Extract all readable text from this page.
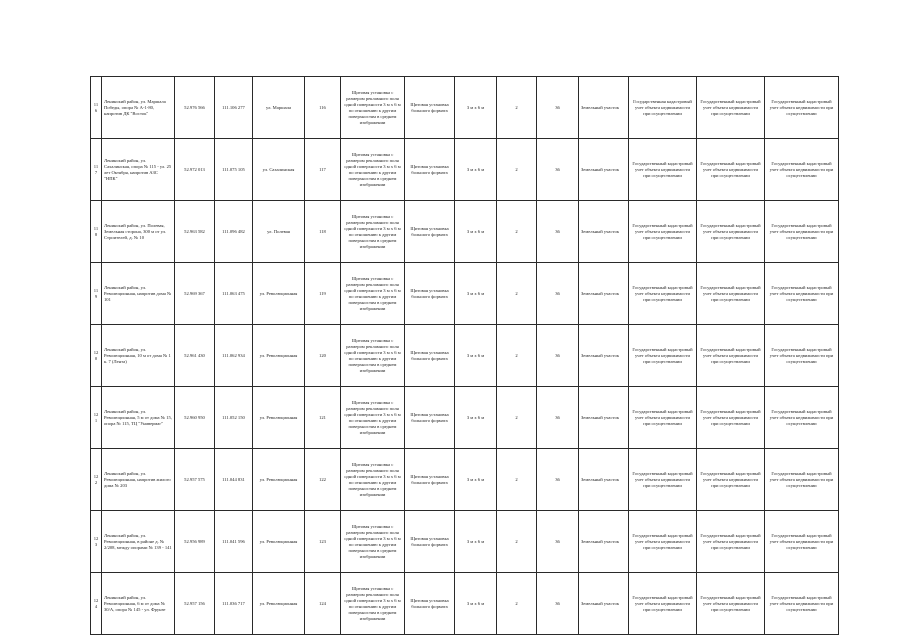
116	Ленинский район, ул. Маршала Победы, опора № А-1-80, напротив ДК "Восток"	52.976 566	111.106 277	ул. Маршала	116	Щитовая установка с размером рекламного поля одной поверхности 3 м х 6 м по отношению к другим поверхностям в среднем изображении	Щитовая установка большого формата	3 м х 6 м	2	36	Земельный участок	Государственная кадастровый учет объекта недвижимости при осуществлении	Государственный кадастровый учет объекта недвижимости при осуществлении	Государственный кадастровый учет объекта недвижимости при осуществлении
117	Ленинский район, ул. Сахалинская, опора № 115 - ул. 25 лет Октября, напротив АЗС "НПК"	52.972 013	111.075 105	ул. Сахалинская	117	Щитовая установка с размером рекламного поля одной поверхности 3 м х 6 м по отношению к другим поверхностям в среднем изображении	Щитовая установка большого формата	3 м х 6 м	2	36	Земельный участок	Государственный кадастровый учет объекта недвижимости при осуществлении	Государственный кадастровый учет объекта недвижимости при осуществлении	Государственный кадастровый учет объекта недвижимости при осуществлении
118	Ленинский район, ул. Полевая, Земельная сторона, 300 м от ул. Строителей, д. № 10	52.963 582	111.096 482	ул. Полевая	118	Щитовая установка с размером рекламного поля одной поверхности 3 м х 6 м по отношению к другим поверхностям в среднем изображении	Щитовая установка большого формата	3 м х 6 м	2	36	Земельный участок	Государственный кадастровый учет объекта недвижимости при осуществлении	Государственный кадастровый учет объекта недвижимости при осуществлении	Государственный кадастровый учет объекта недвижимости при осуществлении
119	Ленинский район, ул. Революционная, напротив дома № 101	52.969 367	111.063 475	ул. Революционная	119	Щитовая установка с размером рекламного поля одной поверхности 3 м х 6 м по отношению к другим поверхностям в среднем изображении	Щитовая установка большого формата	3 м х 6 м	2	36	Земельный участок	Государственный кадастровый учет объекта недвижимости при осуществлении	Государственный кадастровый учет объекта недвижимости при осуществлении	Государственный кадастровый учет объекта недвижимости при осуществлении
120	Ленинский район, ул. Революционная, 10 м от дома № 1 к. 7 (Лента)	52.961 430	111.062 934	ул. Революционная	120	Щитовая установка с размером рекламного поля одной поверхности 3 м х 6 м по отношению к другим поверхностям в среднем изображении	Щитовая установка большого формата	3 м х 6 м	2	36	Земельный участок	Государственный кадастровый учет объекта недвижимости при осуществлении	Государственный кадастровый учет объекта недвижимости при осуществлении	Государственный кадастровый учет объекта недвижимости при осуществлении
121	Ленинский район, ул. Революционная, 5 м от дома № 15, опора № 115, ТЦ "Универмаг"	52.960 950	111.052 150	ул. Революционная	121	Щитовая установка с размером рекламного поля одной поверхности 3 м х 6 м по отношению к другим поверхностям в среднем изображении	Щитовая установка большого формата	3 м х 6 м	2	36	Земельный участок	Государственный кадастровый учет объекта недвижимости при осуществлении	Государственный кадастровый учет объекта недвижимости при осуществлении	Государственный кадастровый учет объекта недвижимости при осуществлении
122	Ленинский район, ул. Революционная, напротив жилого дома № 203	52.957 575	111.044 831	ул. Революционная	122	Щитовая установка с размером рекламного поля одной поверхности 3 м х 6 м по отношению к другим поверхностям в среднем изображении	Щитовая установка большого формата	3 м х 6 м	2	36	Земельный участок	Государственный кадастровый учет объекта недвижимости при осуществлении	Государственный кадастровый учет объекта недвижимости при осуществлении	Государственный кадастровый учет объекта недвижимости при осуществлении
123	Ленинский район, ул. Революционная, в районе д. № 2/208, между опорами № 139 - 141	52.956 989	111.041 596	ул. Революционная	123	Щитовая установка с размером рекламного поля одной поверхности 3 м х 6 м по отношению к другим поверхностям в среднем изображении	Щитовая установка большого формата	3 м х 6 м	2	36	Земельный участок	Государственный кадастровый учет объекта недвижимости при осуществлении	Государственный кадастровый учет объекта недвижимости при осуществлении	Государственный кадастровый учет объекта недвижимости при осуществлении
124	Ленинский район, ул. Революционная, 6 м от дома № 30/А, опора № 145 - ул. Фрунзе	52.957 156	111.036 717	ул. Революционная	124	Щитовая установка с размером рекламного поля одной поверхности 3 м х 6 м по отношению к другим поверхностям в среднем изображении	Щитовая установка большого формата	3 м х 6 м	2	36	Земельный участок	Государственный кадастровый учет объекта недвижимости при осуществлении	Государственный кадастровый учет объекта недвижимости при осуществлении	Государственный кадастровый учет объекта недвижимости при осуществлении
